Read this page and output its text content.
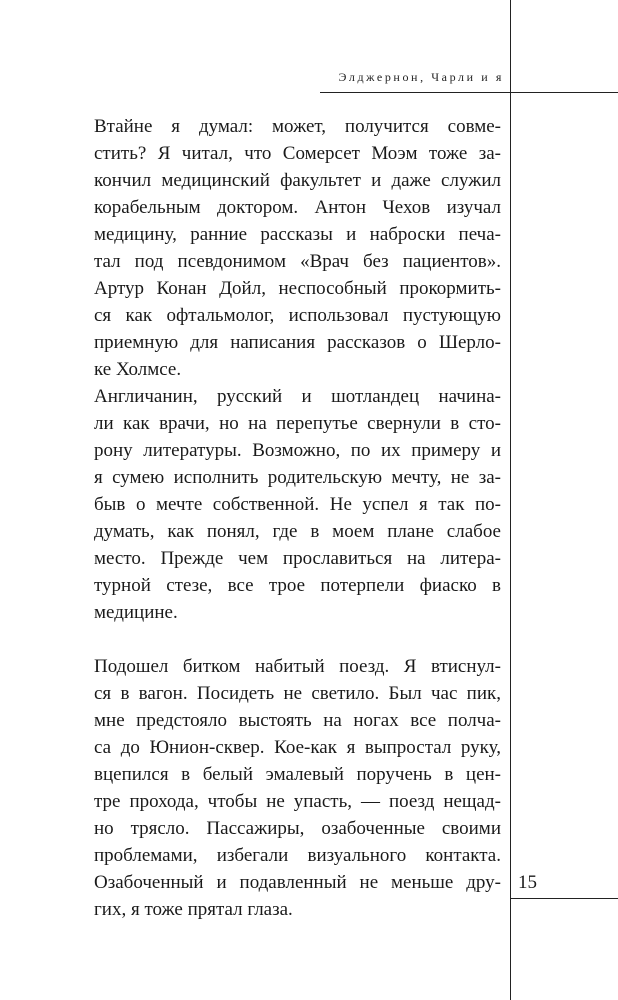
Элджернон, Чарли и я
Втайне я думал: может, получится совме-
стить? Я читал, что Сомерсет Моэм тоже за-
кончил медицинский факультет и даже служил
корабельным доктором. Антон Чехов изучал
медицину, ранние рассказы и наброски печа-
тал под псевдонимом «Врач без пациентов».
Артур Конан Дойл, неспособный прокормить-
ся как офтальмолог, использовал пустующую
приемную для написания рассказов о Шерло-
ке Холмсе.
Англичанин, русский и шотландец начина-
ли как врачи, но на перепутье свернули в сто-
рону литературы. Возможно, по их примеру и
я сумею исполнить родительскую мечту, не за-
быв о мечте собственной. Не успел я так по-
думать, как понял, где в моем плане слабое
место. Прежде чем прославиться на литера-
турной стезе, все трое потерпели фиаско в
медицине.
Подошел битком набитый поезд. Я втиснул-
ся в вагон. Посидеть не светило. Был час пик,
мне предстояло выстоять на ногах все полча-
са до Юнион-сквер. Кое-как я выпростал руку,
вцепился в белый эмалевый поручень в цен-
тре прохода, чтобы не упасть, — поезд нещад-
но трясло. Пассажиры, озабоченные своими
проблемами, избегали визуального контакта.
Озабоченный и подавленный не меньше дру-
гих, я тоже прятал глаза.
15
